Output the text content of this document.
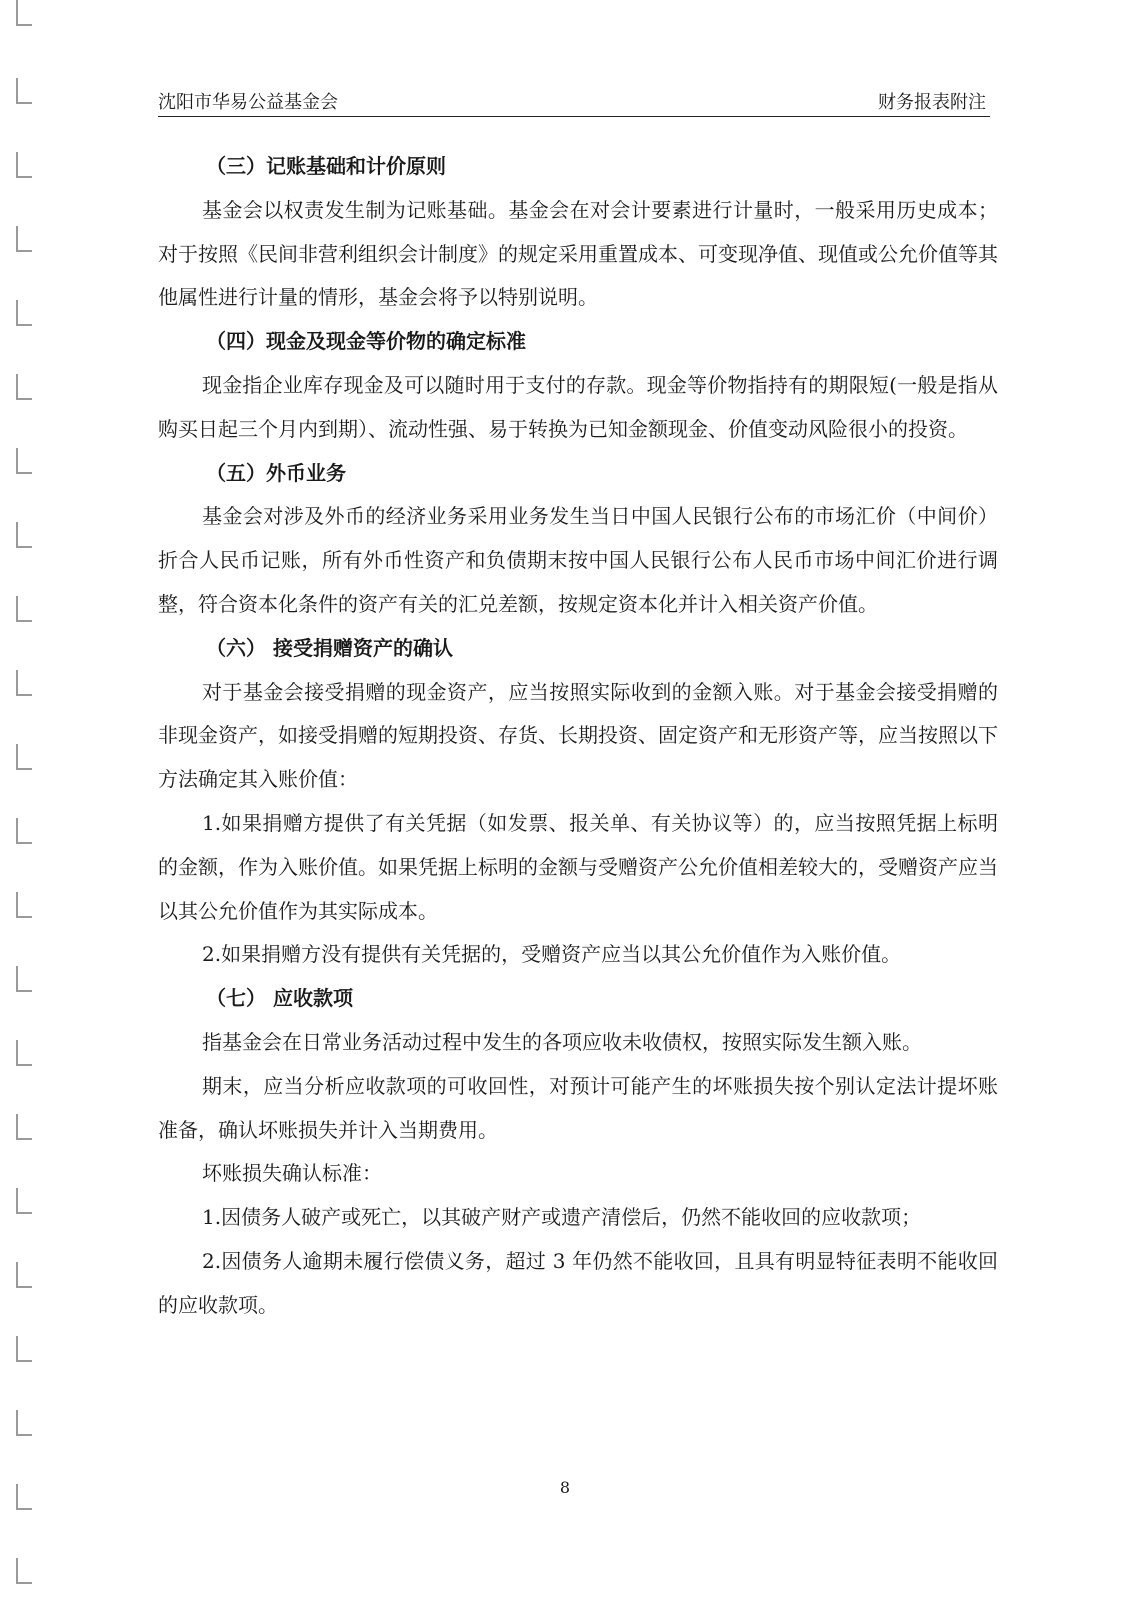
沈阳市华易公益基金会	财务报表附注

（三）记账基础和计价原则

基金会以权责发生制为记账基础。基金会在对会计要素进行计量时，一般采用历史成本；对于按照《民间非营利组织会计制度》的规定采用重置成本、可变现净值、现值或公允价值等其他属性进行计量的情形，基金会将予以特别说明。

（四）现金及现金等价物的确定标准

现金指企业库存现金及可以随时用于支付的存款。现金等价物指持有的期限短(一般是指从购买日起三个月内到期）、流动性强、易于转换为已知金额现金、价值变动风险很小的投资。

（五）外币业务

基金会对涉及外币的经济业务采用业务发生当日中国人民银行公布的市场汇价（中间价）折合人民币记账，所有外币性资产和负债期末按中国人民银行公布人民币市场中间汇价进行调整，符合资本化条件的资产有关的汇兑差额，按规定资本化并计入相关资产价值。

（六） 接受捐赠资产的确认

对于基金会接受捐赠的现金资产，应当按照实际收到的金额入账。对于基金会接受捐赠的非现金资产，如接受捐赠的短期投资、存货、长期投资、固定资产和无形资产等，应当按照以下方法确定其入账价值：

1.如果捐赠方提供了有关凭据（如发票、报关单、有关协议等）的，应当按照凭据上标明的金额，作为入账价值。如果凭据上标明的金额与受赠资产公允价值相差较大的，受赠资产应当以其公允价值作为其实际成本。

2.如果捐赠方没有提供有关凭据的，受赠资产应当以其公允价值作为入账价值。

（七） 应收款项

指基金会在日常业务活动过程中发生的各项应收未收债权，按照实际发生额入账。

期末，应当分析应收款项的可收回性，对预计可能产生的坏账损失按个别认定法计提坏账准备，确认坏账损失并计入当期费用。

坏账损失确认标准：

1.因债务人破产或死亡，以其破产财产或遗产清偿后，仍然不能收回的应收款项；

2.因债务人逾期未履行偿债义务，超过 3 年仍然不能收回，且具有明显特征表明不能收回的应收款项。

8
